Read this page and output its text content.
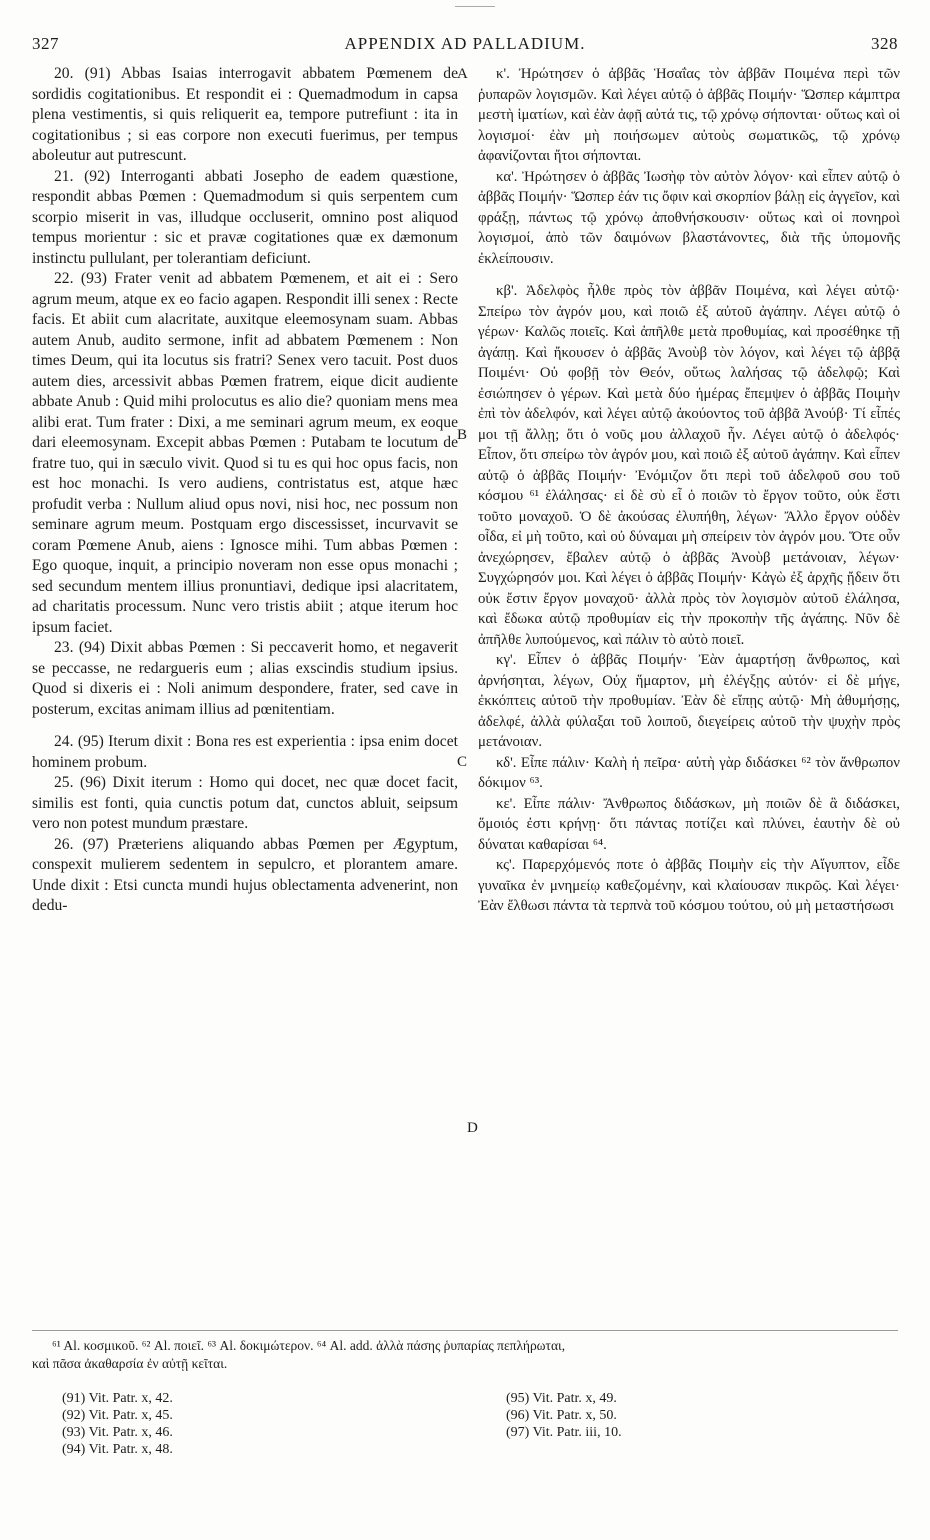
327	APPENDIX AD PALLADIUM.	328

20. (91) Abbas Isaias interrogavit abbatem Pœmenem de sordidis cogitationibus. Et respondit ei : Quemadmodum in capsa plena vestimentis, si quis reliquerit ea, tempore putrefiunt : ita in cogitationibus ; si eas corpore non executi fuerimus, per tempus aboleutur aut putrescunt.

21. (92) Interroganti abbati Josepho de eadem quæstione, respondit abbas Pœmen : Quemadmodum si quis serpentem cum scorpio miserit in vas, illudque occluserit, omnino post aliquod tempus morientur : sic et pravæ cogitationes quæ ex dæmonum instinctu pullulant, per tolerantiam deficiunt.

22. (93) Frater venit ad abbatem Pœmenem, et ait ei : Sero agrum meum, atque ex eo facio agapen. Respondit illi senex : Recte facis. Et abiit cum alacritate, auxitque eleemosynam suam. Abbas autem Anub, audito sermone, infit ad abbatem Pœmenem : Non times Deum, qui ita locutus sis fratri? Senex vero tacuit. Post duos autem dies, arcessivit abbas Pœmen fratrem, eique dicit audiente abbate Anub : Quid mihi prolocutus es alio die? quoniam mens mea alibi erat. Tum frater : Dixi, a me seminari agrum meum, ex eoque dari eleemosynam. Excepit abbas Pœmen : Putabam te locutum de fratre tuo, qui in sæculo vivit. Quod si tu es qui hoc opus facis, non est hoc monachi. Is vero audiens, contristatus est, atque hæc profudit verba : Nullum aliud opus novi, nisi hoc, nec possum non seminare agrum meum. Postquam ergo discessisset, incurvavit se coram Pœmene Anub, aiens : Ignosce mihi. Tum abbas Pœmen : Ego quoque, inquit, a principio noveram non esse opus monachi ; sed secundum mentem illius pronuntiavi, dedique ipsi alacritatem, ad charitatis processum. Nunc vero tristis abiit ; atque iterum hoc ipsum faciet.

23. (94) Dixit abbas Pœmen : Si peccaverit homo, et negaverit se peccasse, ne redargueris eum ; alias exscindis studium ipsius. Quod si dixeris ei : Noli animum despondere, frater, sed cave in posterum, excitas animam illius ad pœnitentiam.

24. (95) Iterum dixit : Bona res est experientia : ipsa enim docet hominem probum.

25. (96) Dixit iterum : Homo qui docet, nec quæ docet facit, similis est fonti, quia cunctis potum dat, cunctos abluit, seipsum vero non potest mundum præstare.

26. (97) Præteriens aliquando abbas Pœmen per Ægyptum, conspexit mulierem sedentem in sepulcro, et plorantem amare. Unde dixit : Etsi cuncta mundi hujus oblectamenta advenerint, non dedu-

A
B
C
D

κ'. Ἠρώτησεν ὁ ἀββᾶς Ἡσαΐας τὸν ἀββᾶν Ποιμένα περὶ τῶν ῥυπαρῶν λογισμῶν. Καὶ λέγει αὐτῷ ὁ ἀββᾶς Ποιμήν· Ὥσπερ κάμπτρα μεστὴ ἱματίων, καὶ ἐὰν ἀφῇ αὐτά τις, τῷ χρόνῳ σήπονται· οὕτως καὶ οἱ λογισμοί· ἐὰν μὴ ποιήσωμεν αὐτοὺς σωματικῶς, τῷ χρόνῳ ἀφανίζονται ἤτοι σήπονται.

κα'. Ἠρώτησεν ὁ ἀββᾶς Ἰωσὴφ τὸν αὐτὸν λόγον· καὶ εἶπεν αὐτῷ ὁ ἀββᾶς Ποιμήν· Ὥσπερ ἐάν τις ὄφιν καὶ σκορπίον βάλῃ εἰς ἀγγεῖον, καὶ φράξῃ, πάντως τῷ χρόνῳ ἀποθνήσκουσιν· οὕτως καὶ οἱ πονηροὶ λογισμοί, ἀπὸ τῶν δαιμόνων βλαστάνοντες, διὰ τῆς ὑπομονῆς ἐκλείπουσιν.

κβ'. Ἀδελφὸς ἦλθε πρὸς τὸν ἀββᾶν Ποιμένα, καὶ λέγει αὐτῷ· Σπείρω τὸν ἀγρόν μου, καὶ ποιῶ ἐξ αὐτοῦ ἀγάπην. Λέγει αὐτῷ ὁ γέρων· Καλῶς ποιεῖς. Καὶ ἀπῆλθε μετὰ προθυμίας, καὶ προσέθηκε τῇ ἀγάπῃ. Καὶ ἤκουσεν ὁ ἀββᾶς Ἀνοὺβ τὸν λόγον, καὶ λέγει τῷ ἀββᾷ Ποιμένι· Οὐ φοβῇ τὸν Θεόν, οὕτως λαλήσας τῷ ἀδελφῷ; Καὶ ἐσιώπησεν ὁ γέρων. Καὶ μετὰ δύο ἡμέρας ἔπεμψεν ὁ ἀββᾶς Ποιμὴν ἐπὶ τὸν ἀδελφόν, καὶ λέγει αὐτῷ ἀκούοντος τοῦ ἀββᾶ Ἀνούβ· Τί εἶπές μοι τῇ ἄλλῃ; ὅτι ὁ νοῦς μου ἀλλαχοῦ ἦν. Λέγει αὐτῷ ὁ ἀδελφός· Εἶπον, ὅτι σπείρω τὸν ἀγρόν μου, καὶ ποιῶ ἐξ αὐτοῦ ἀγάπην. Καὶ εἶπεν αὐτῷ ὁ ἀββᾶς Ποιμήν· Ἐνόμιζον ὅτι περὶ τοῦ ἀδελφοῦ σου τοῦ κόσμου ⁶¹ ἐλάλησας· εἰ δὲ σὺ εἶ ὁ ποιῶν τὸ ἔργον τοῦτο, οὐκ ἔστι τοῦτο μοναχοῦ. Ὁ δὲ ἀκούσας ἐλυπήθη, λέγων· Ἄλλο ἔργον οὐδὲν οἶδα, εἰ μὴ τοῦτο, καὶ οὐ δύναμαι μὴ σπείρειν τὸν ἀγρόν μου. Ὅτε οὖν ἀνεχώρησεν, ἔβαλεν αὐτῷ ὁ ἀββᾶς Ἀνοὺβ μετάνοιαν, λέγων· Συγχώρησόν μοι. Καὶ λέγει ὁ ἀββᾶς Ποιμήν· Κἀγὼ ἐξ ἀρχῆς ᾔδειν ὅτι οὐκ ἔστιν ἔργον μοναχοῦ· ἀλλὰ πρὸς τὸν λογισμὸν αὐτοῦ ἐλάλησα, καὶ ἔδωκα αὐτῷ προθυμίαν εἰς τὴν προκοπὴν τῆς ἀγάπης. Νῦν δὲ ἀπῆλθε λυπούμενος, καὶ πάλιν τὸ αὐτὸ ποιεῖ.

κγ'. Εἶπεν ὁ ἀββᾶς Ποιμήν· Ἐὰν ἁμαρτήσῃ ἄνθρωπος, καὶ ἀρνήσηται, λέγων, Οὐχ ἥμαρτον, μὴ ἐλέγξῃς αὐτόν· εἰ δὲ μήγε, ἐκκόπτεις αὐτοῦ τὴν προθυμίαν. Ἐὰν δὲ εἴπῃς αὐτῷ· Μὴ ἀθυμήσῃς, ἀδελφέ, ἀλλὰ φύλαξαι τοῦ λοιποῦ, διεγείρεις αὐτοῦ τὴν ψυχὴν πρὸς μετάνοιαν.

κδ'. Εἶπε πάλιν· Καλὴ ἡ πεῖρα· αὐτὴ γὰρ διδάσκει ⁶² τὸν ἄνθρωπον δόκιμον ⁶³.

κε'. Εἶπε πάλιν· Ἄνθρωπος διδάσκων, μὴ ποιῶν δὲ ἃ διδάσκει, ὅμοιός ἐστι κρήνῃ· ὅτι πάντας ποτίζει καὶ πλύνει, ἑαυτὴν δὲ οὐ δύναται καθαρίσαι ⁶⁴.

κς'. Παρερχόμενός ποτε ὁ ἀββᾶς Ποιμὴν εἰς τὴν Αἴγυπτον, εἶδε γυναῖκα ἐν μνημείῳ καθεζομένην, καὶ κλαίουσαν πικρῶς. Καὶ λέγει· Ἐὰν ἔλθωσι πάντα τὰ τερπνὰ τοῦ κόσμου τούτου, οὐ μὴ μεταστήσωσι

⁶¹ Al. κοσμικοῦ. ⁶² Al. ποιεῖ. ⁶³ Al. δοκιμώτερον. ⁶⁴ Al. add. ἀλλὰ πάσης ῥυπαρίας πεπλήρωται,

καὶ πᾶσα ἀκαθαρσία ἐν αὐτῇ κεῖται.

(91) Vit. Patr. x, 42.

(92) Vit. Patr. x, 45.

(93) Vit. Patr. x, 46.

(94) Vit. Patr. x, 48.

(95) Vit. Patr. x, 49.

(96) Vit. Patr. x, 50.

(97) Vit. Patr. iii, 10.
